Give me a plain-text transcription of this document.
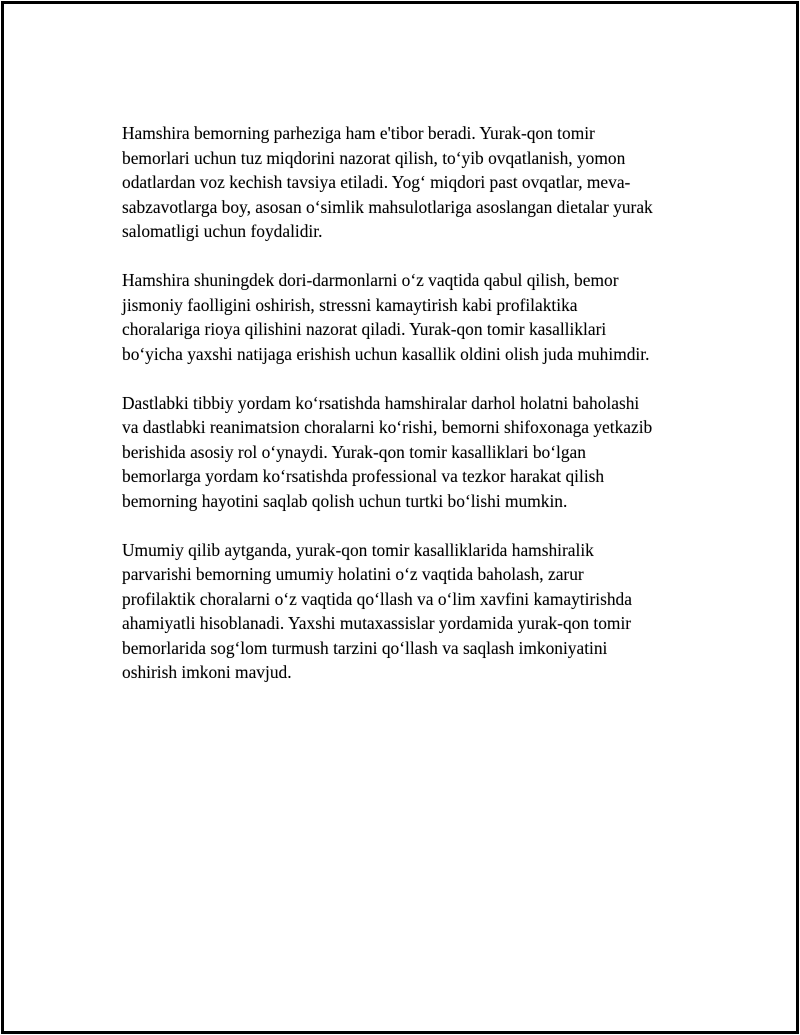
Hamshira bemorning parheziga ham e'tibor beradi. Yurak-qon tomir
bemorlari uchun tuz miqdorini nazorat qilish, to‘yib ovqatlanish, yomon
odatlardan voz kechish tavsiya etiladi. Yog‘ miqdori past ovqatlar, meva-
sabzavotlarga boy, asosan o‘simlik mahsulotlariga asoslangan dietalar yurak
salomatligi uchun foydalidir.

Hamshira shuningdek dori-darmonlarni o‘z vaqtida qabul qilish, bemor
jismoniy faolligini oshirish, stressni kamaytirish kabi profilaktika
choralariga rioya qilishini nazorat qiladi. Yurak-qon tomir kasalliklari
bo‘yicha yaxshi natijaga erishish uchun kasallik oldini olish juda muhimdir.

Dastlabki tibbiy yordam ko‘rsatishda hamshiralar darhol holatni baholashi
va dastlabki reanimatsion choralarni ko‘rishi, bemorni shifoxonaga yetkazib
berishida asosiy rol o‘ynaydi. Yurak-qon tomir kasalliklari bo‘lgan
bemorlarga yordam ko‘rsatishda professional va tezkor harakat qilish
bemorning hayotini saqlab qolish uchun turtki bo‘lishi mumkin.

Umumiy qilib aytganda, yurak-qon tomir kasalliklarida hamshiralik
parvarishi bemorning umumiy holatini o‘z vaqtida baholash, zarur
profilaktik choralarni o‘z vaqtida qo‘llash va o‘lim xavfini kamaytirishda
ahamiyatli hisoblanadi. Yaxshi mutaxassislar yordamida yurak-qon tomir
bemorlarida sog‘lom turmush tarzini qo‘llash va saqlash imkoniyatini
oshirish imkoni mavjud.
